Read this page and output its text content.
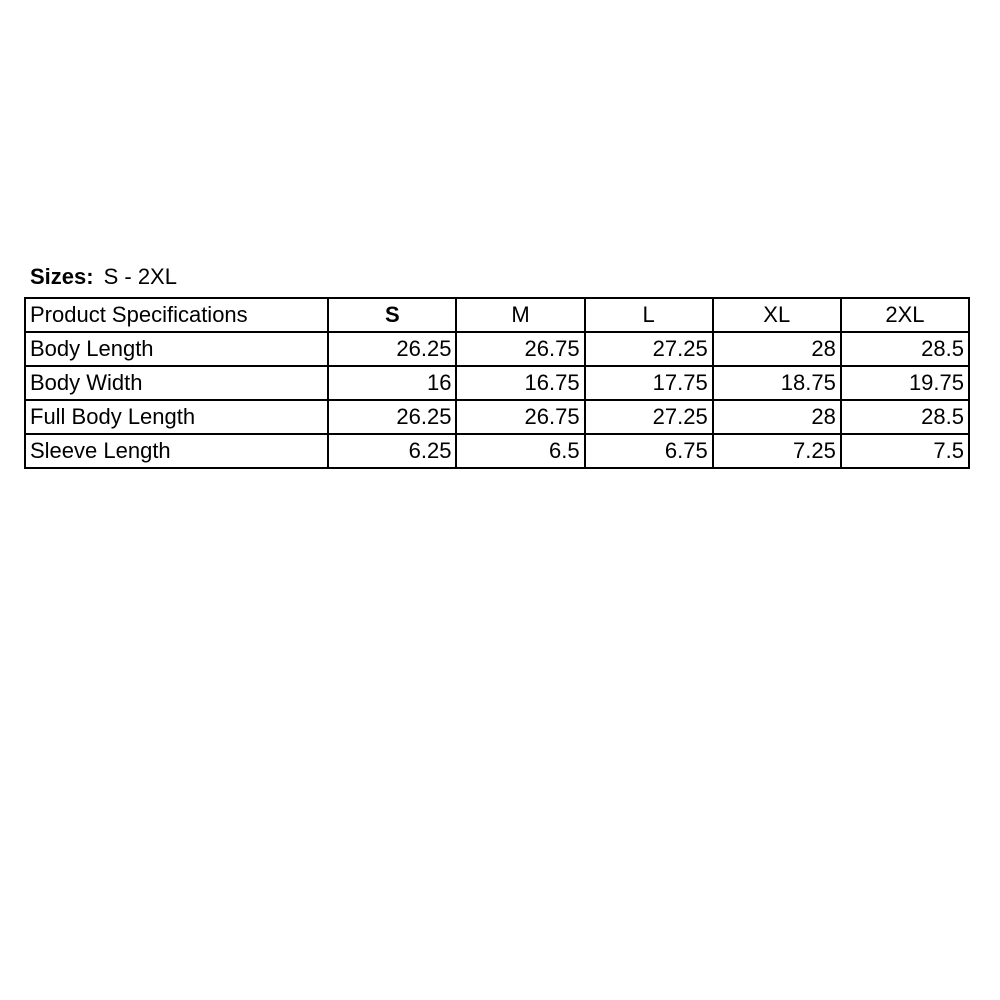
Sizes: S - 2XL
Product Specifications	S	M	L	XL	2XL
Body Length	26.25	26.75	27.25	28	28.5
Body Width	16	16.75	17.75	18.75	19.75
Full Body Length	26.25	26.75	27.25	28	28.5
Sleeve Length	6.25	6.5	6.75	7.25	7.5
